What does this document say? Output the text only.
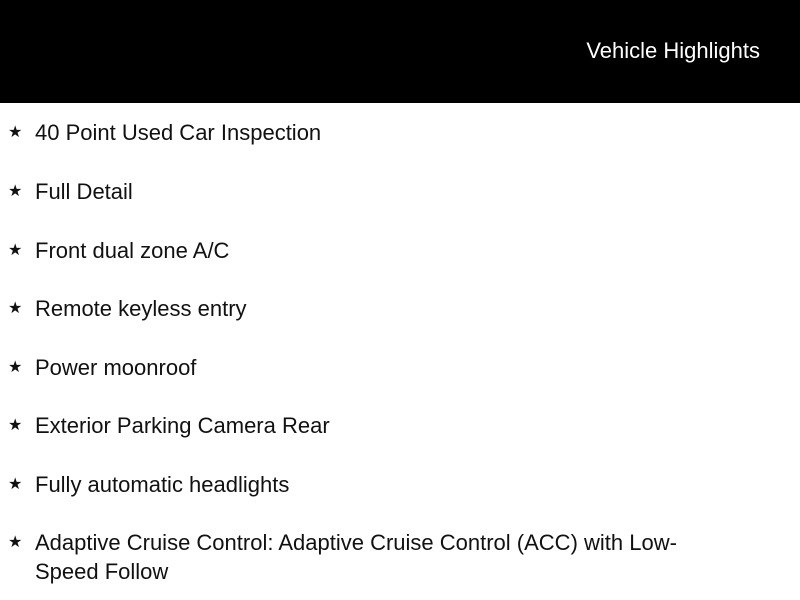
Vehicle Highlights
★ 40 Point Used Car Inspection
★ Full Detail
★ Front dual zone A/C
★ Remote keyless entry
★ Power moonroof
★ Exterior Parking Camera Rear
★ Fully automatic headlights
★ Adaptive Cruise Control: Adaptive Cruise Control (ACC) with Low-Speed Follow
